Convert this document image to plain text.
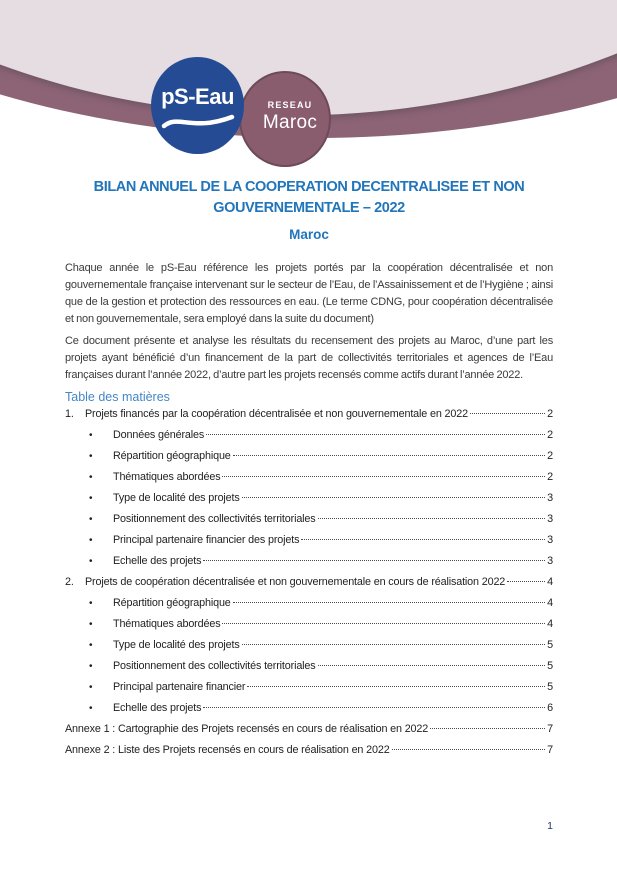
RESEAU
Maroc
pS-Eau
BILAN ANNUEL DE LA COOPERATION DECENTRALISEE ET NON
GOUVERNEMENTALE – 2022
Maroc

Chaque année le pS-Eau référence les projets portés par la coopération décentralisée et non gouvernementale française intervenant sur le secteur de l’Eau, de l’Assainissement et de l’Hygiène ; ainsi que de la gestion et protection des ressources en eau. (Le terme CDNG, pour coopération décentralisée et non gouvernementale, sera employé dans la suite du document)

Ce document présente et analyse les résultats du recensement des projets au Maroc, d’une part les projets ayant bénéficié d’un financement de la part de collectivités territoriales et agences de l’Eau françaises durant l’année 2022, d’autre part les projets recensés comme actifs durant l’année 2022.

Table des matières
1.	Projets financés par la coopération décentralisée et non gouvernementale en 2022	2
•	Données générales	2
•	Répartition géographique	2
•	Thématiques abordées	2
•	Type de localité des projets	3
•	Positionnement des collectivités territoriales	3
•	Principal partenaire financier des projets	3
•	Echelle des projets	3
2.	Projets de coopération décentralisée et non gouvernementale en cours de réalisation 2022	4
•	Répartition géographique	4
•	Thématiques abordées	4
•	Type de localité des projets	5
•	Positionnement des collectivités territoriales	5
•	Principal partenaire financier	5
•	Echelle des projets	6
Annexe 1 : Cartographie des Projets recensés en cours de réalisation en 2022	7
Annexe 2 : Liste des Projets recensés en cours de réalisation en 2022	7
1
